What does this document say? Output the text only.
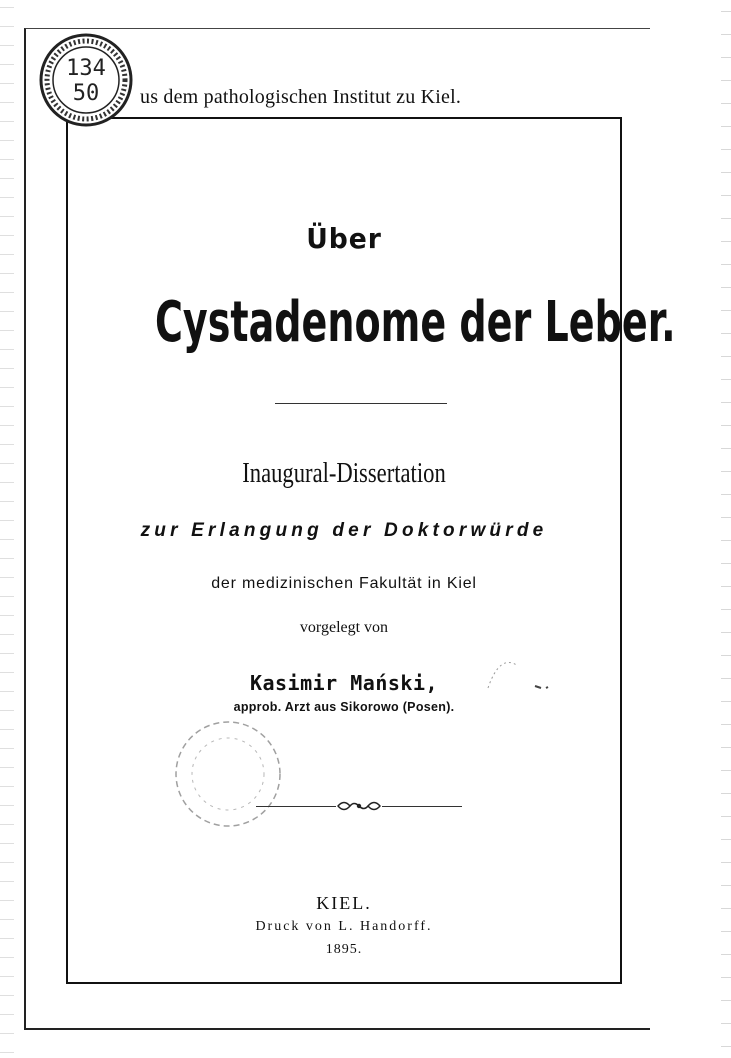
134
50 us dem pathologischen Institut zu Kiel.
Über
Cystadenome der Leber.
Inaugural-Dissertation
zur Erlangung der Doktorwürde
der medizinischen Fakultät in Kiel
vorgelegt von
Kasimir Mański,
approb. Arzt aus Sikorowo (Posen).
KIEL.
Druck von L. Handorff.
1895.
